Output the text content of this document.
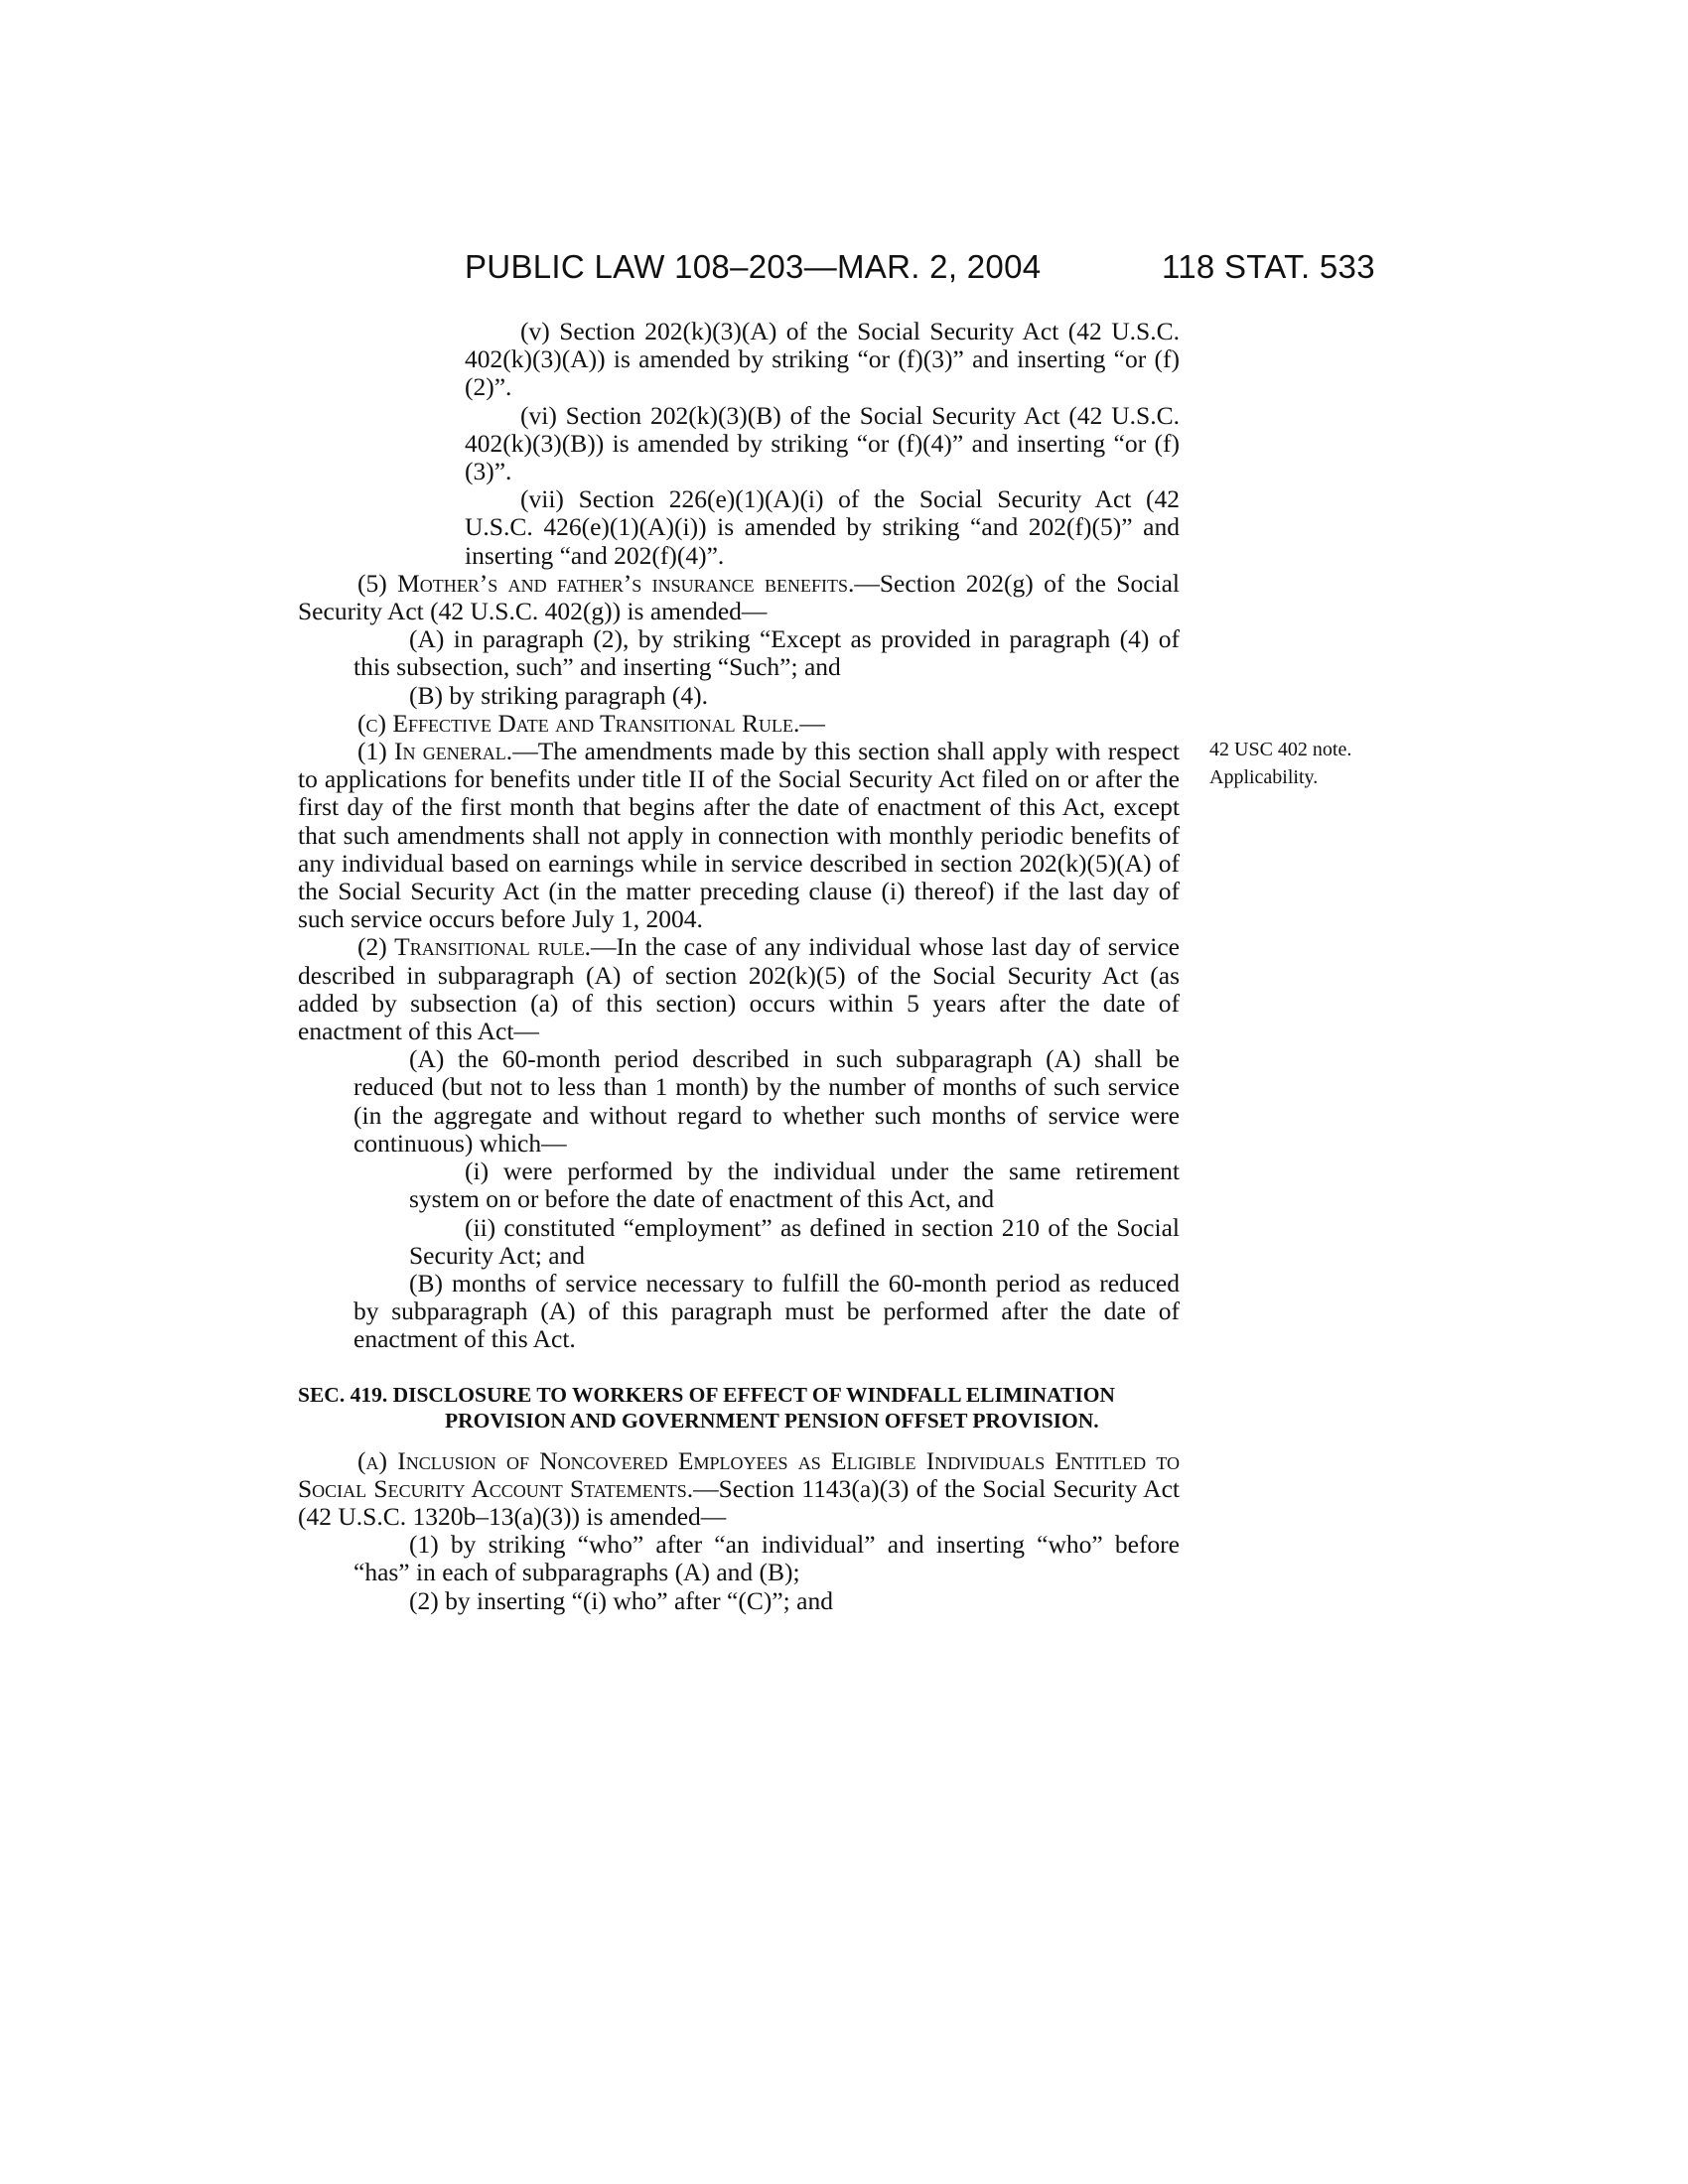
PUBLIC LAW 108–203—MAR. 2, 2004	118 STAT. 533
42 USC 402 note.
Applicability.

(v) Section 202(k)(3)(A) of the Social Security Act (42 U.S.C. 402(k)(3)(A)) is amended by striking “or (f)(3)” and inserting “or (f)(2)”.

(vi) Section 202(k)(3)(B) of the Social Security Act (42 U.S.C. 402(k)(3)(B)) is amended by striking “or (f)(4)” and inserting “or (f)(3)”.

(vii) Section 226(e)(1)(A)(i) of the Social Security Act (42 U.S.C. 426(e)(1)(A)(i)) is amended by striking “and 202(f)(5)” and inserting “and 202(f)(4)”.

(5) Mother’s and father’s insurance benefits.—Section 202(g) of the Social Security Act (42 U.S.C. 402(g)) is amended—

(A) in paragraph (2), by striking “Except as provided in paragraph (4) of this subsection, such” and inserting “Such”; and

(B) by striking paragraph (4).

(c) Effective Date and Transitional Rule.—

(1) In general.—The amendments made by this section shall apply with respect to applications for benefits under title II of the Social Security Act filed on or after the first day of the first month that begins after the date of enactment of this Act, except that such amendments shall not apply in connection with monthly periodic benefits of any individual based on earnings while in service described in section 202(k)(5)(A) of the Social Security Act (in the matter preceding clause (i) thereof) if the last day of such service occurs before July 1, 2004.

(2) Transitional rule.—In the case of any individual whose last day of service described in subparagraph (A) of section 202(k)(5) of the Social Security Act (as added by subsection (a) of this section) occurs within 5 years after the date of enactment of this Act—

(A) the 60-month period described in such subparagraph (A) shall be reduced (but not to less than 1 month) by the number of months of such service (in the aggregate and without regard to whether such months of service were continuous) which—

(i) were performed by the individual under the same retirement system on or before the date of enactment of this Act, and

(ii) constituted “employment” as defined in section 210 of the Social Security Act; and

(B) months of service necessary to fulfill the 60-month period as reduced by subparagraph (A) of this paragraph must be performed after the date of enactment of this Act.

SEC. 419. DISCLOSURE TO WORKERS OF EFFECT OF WINDFALL ELIMINATION PROVISION AND GOVERNMENT PENSION OFFSET PROVISION.

(a) Inclusion of Noncovered Employees as Eligible Individuals Entitled to Social Security Account Statements.—Section 1143(a)(3) of the Social Security Act (42 U.S.C. 1320b–13(a)(3)) is amended—

(1) by striking “who” after “an individual” and inserting “who” before “has” in each of subparagraphs (A) and (B);

(2) by inserting “(i) who” after “(C)”; and
